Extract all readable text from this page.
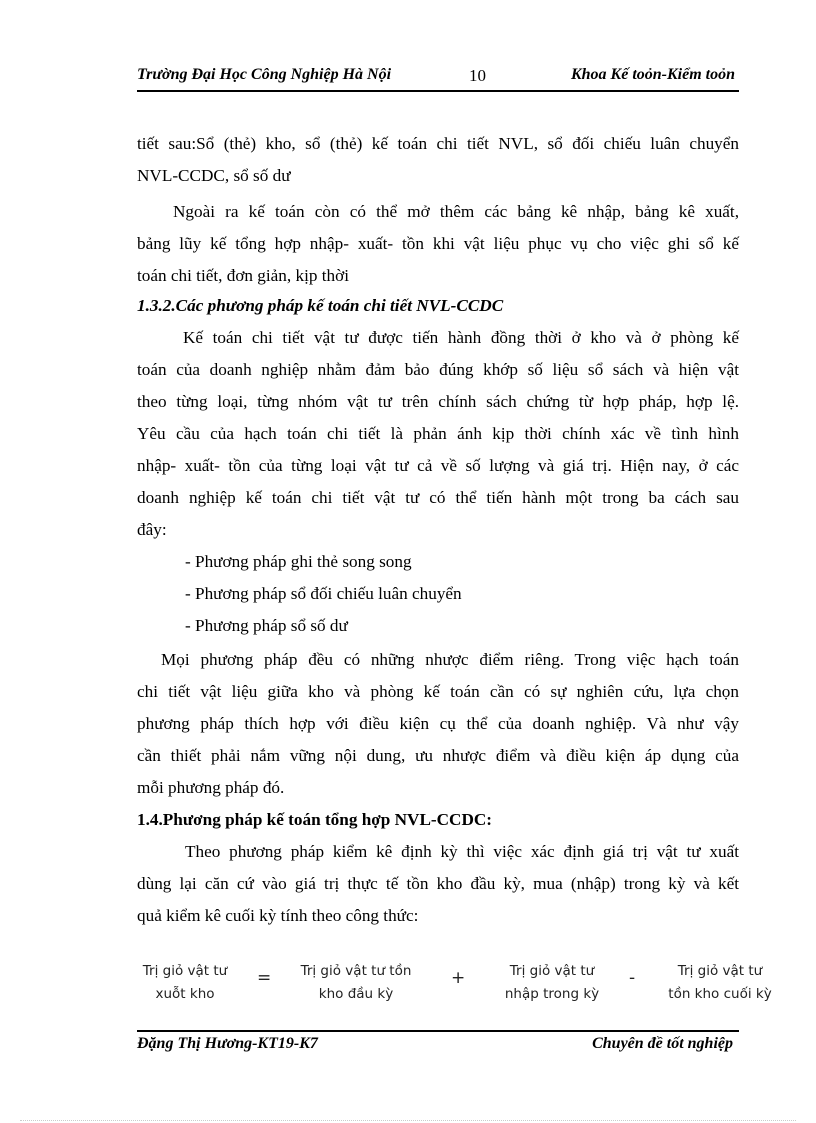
Trường Đại Học Công Nghiệp Hà Nội	10	Khoa Kế toỏn-Kiểm toỏn
tiết sau:Sổ (thẻ) kho, sổ (thẻ) kế toán chi tiết NVL, sổ đối chiếu luân chuyển
NVL-CCDC, sổ số dư
Ngoài ra kế toán còn có thể mở thêm các bảng kê nhập, bảng kê xuất,
bảng lũy kế tổng hợp nhập- xuất- tồn khi vật liệu phục vụ cho việc ghi sổ kế
toán chi tiết, đơn giản, kịp thời
1.3.2.Các phương pháp kế toán chi tiết NVL-CCDC
Kế toán chi tiết vật tư được tiến hành đồng thời ở kho và ở phòng kế
toán của doanh nghiệp nhằm đảm bảo đúng khớp số liệu sổ sách và hiện vật
theo từng loại, từng nhóm vật tư trên chính sách chứng từ hợp pháp, hợp lệ.
Yêu cầu của hạch toán chi tiết là phản ánh kịp thời chính xác về tình hình
nhập- xuất- tồn của từng loại vật tư cả về số lượng và giá trị. Hiện nay, ở các
doanh nghiệp kế toán chi tiết vật tư có thể tiến hành một trong ba cách sau
đây:
- Phương pháp ghi thẻ song song
- Phương pháp sổ đối chiếu luân chuyển
- Phương pháp sổ số dư
Mọi phương pháp đều có những nhược điểm riêng. Trong việc hạch toán
chi tiết vật liệu giữa kho và phòng kế toán cần có sự nghiên cứu, lựa chọn
phương pháp thích hợp với điều kiện cụ thể của doanh nghiệp. Và như vậy
cần thiết phải nắm vững nội dung, ưu nhược điểm và điều kiện áp dụng của
mỗi phương pháp đó.
1.4.Phương pháp kế toán tổng hợp NVL-CCDC:
Theo phương pháp kiểm kê định kỳ thì việc xác định giá trị vật tư xuất
dùng lại căn cứ vào giá trị thực tế tồn kho đầu kỳ, mua (nhập) trong kỳ và kết
quả kiểm kê cuối kỳ tính theo công thức:
Trị giỏ vật tư
xuỗt kho
=	Trị giỏ vật tư tồn
kho đầu kỳ
+	Trị giỏ vật tư
nhập trong kỳ
-	Trị giỏ vật tư
tồn kho cuối kỳ
Đặng Thị Hương-KT19-K7	Chuyên đề tốt nghiệp
